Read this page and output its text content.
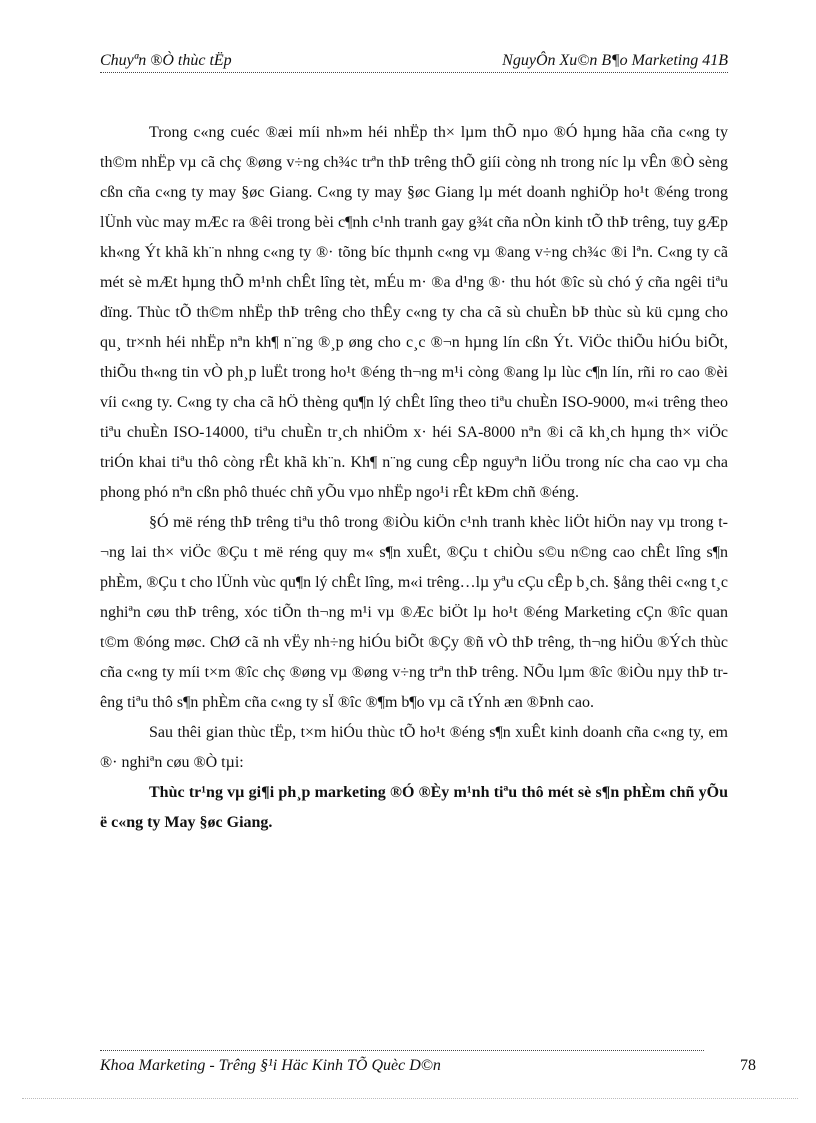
Chuyªn ®Ò thùc tËp	NguyÔn Xu©n B¶o Marketing 41B

Trong c«ng cuéc ®æi míi nh»m héi nhËp th× lµm thÕ nµo ®Ó hµng hãa cña c«ng ty th©m nhËp vµ cã chç ®øng v÷ng ch¾c trªn thÞ trêng thÕ giíi còng nh trong níc lµ vÊn ®Ò sèng cßn cña c«ng ty may §øc Giang. C«ng ty may §øc Giang lµ mét doanh nghiÖp ho¹t ®éng trong lÜnh vùc may mÆc ra ®êi trong bèi c¶nh c¹nh tranh gay g¾t cña nÒn kinh tÕ thÞ trêng, tuy gÆp kh«ng Ýt khã kh¨n nhng c«ng ty ®· tõng bíc thµnh c«ng vµ ®ang v÷ng ch¾c ®i lªn. C«ng ty cã mét sè mÆt hµng thÕ m¹nh chÊt lîng tèt, mÉu m· ®a d¹ng ®· thu hót ®îc sù chó ý cña ngêi tiªu dïng. Thùc tÕ th©m nhËp thÞ trêng cho thÊy c«ng ty cha cã sù chuÈn bÞ thùc sù kü cµng cho qu¸ tr×nh héi nhËp nªn kh¶ n¨ng ®¸p øng cho c¸c ®¬n hµng lín cßn Ýt. ViÖc thiÕu hiÓu biÕt, thiÕu th«ng tin vÒ ph¸p luËt trong ho¹t ®éng th¬ng m¹i còng ®ang lµ lùc c¶n lín, rñi ro cao ®èi víi c«ng ty. C«ng ty cha cã hÖ thèng qu¶n lý chÊt lîng theo tiªu chuÈn ISO-9000, m«i trêng theo tiªu chuÈn ISO-14000, tiªu chuÈn tr¸ch nhiÖm x· héi SA-8000 nªn ®i cã kh¸ch hµng th× viÖc triÓn khai tiªu thô còng rÊt khã kh¨n. Kh¶ n¨ng cung cÊp nguyªn liÖu trong níc cha cao vµ cha phong phó nªn cßn phô thuéc chñ yÕu vµo nhËp ngo¹i rÊt kÐm chñ ®éng.

§Ó më réng thÞ trêng tiªu thô trong ®iÒu kiÖn c¹nh tranh khèc liÖt hiÖn nay vµ trong t¬ng lai th× viÖc ®Çu t më réng quy m« s¶n xuÊt, ®Çu t chiÒu s©u n©ng cao chÊt lîng s¶n phÈm, ®Çu t cho lÜnh vùc qu¶n lý chÊt lîng, m«i trêng…lµ yªu cÇu cÊp b¸ch. §ång thêi c«ng t¸c nghiªn cøu thÞ trêng, xóc tiÕn th¬ng m¹i vµ ®Æc biÖt lµ ho¹t ®éng Marketing cÇn ®îc quan t©m ®óng møc. ChØ cã nh vËy nh÷ng hiÓu biÕt ®Çy ®ñ vÒ thÞ trêng, th¬ng hiÖu ®Ých thùc cña c«ng ty míi t×m ®îc chç ®øng vµ ®øng v÷ng trªn thÞ trêng. NÕu lµm ®îc ®iÒu nµy thÞ trêng tiªu thô s¶n phÈm cña c«ng ty sÏ ®îc ®¶m b¶o vµ cã tÝnh æn ®Þnh cao.

Sau thêi gian thùc tËp, t×m hiÓu thùc tÕ ho¹t ®éng s¶n xuÊt kinh doanh cña c«ng ty, em ®· nghiªn cøu ®Ò tµi:

Thùc tr¹ng vµ gi¶i ph¸p marketing ®Ó ®Èy m¹nh tiªu thô mét sè s¶n phÈm chñ yÕu ë c«ng ty May §øc Giang.

Khoa Marketing - Trêng §¹i Häc Kinh TÕ Quèc D©n	78
